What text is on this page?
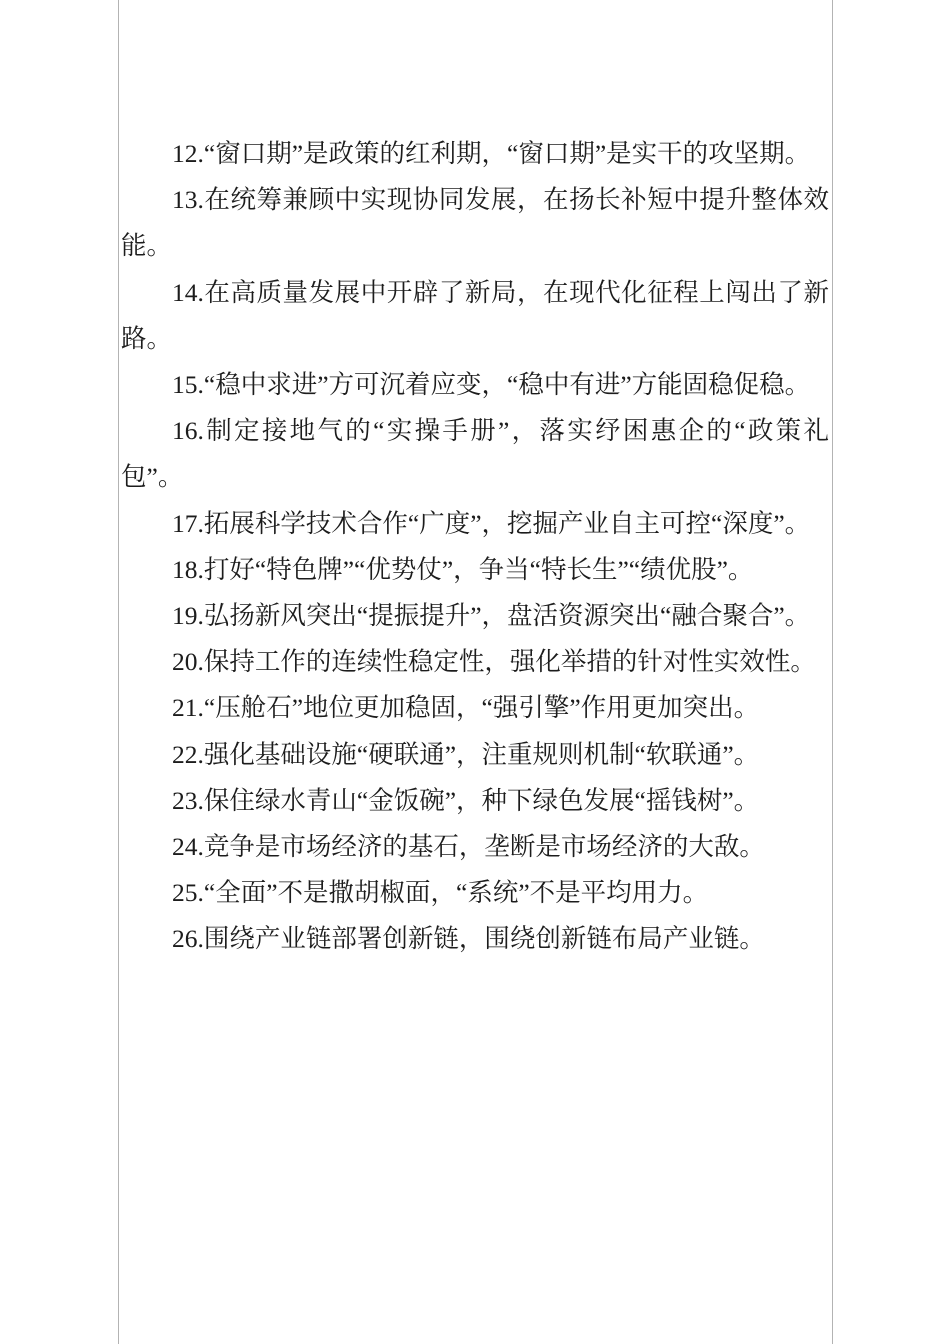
12.“窗口期”是政策的红利期，“窗口期”是实干的攻坚期。

13.在统筹兼顾中实现协同发展，在扬长补短中提升整体效能。

14.在高质量发展中开辟了新局，在现代化征程上闯出了新路。

15.“稳中求进”方可沉着应变，“稳中有进”方能固稳促稳。

16.制定接地气的“实操手册”，落实纾困惠企的“政策礼包”。

17.拓展科学技术合作“广度”，挖掘产业自主可控“深度”。

18.打好“特色牌”“优势仗”，争当“特长生”“绩优股”。

19.弘扬新风突出“提振提升”，盘活资源突出“融合聚合”。

20.保持工作的连续性稳定性，强化举措的针对性实效性。

21.“压舱石”地位更加稳固，“强引擎”作用更加突出。

22.强化基础设施“硬联通”，注重规则机制“软联通”。

23.保住绿水青山“金饭碗”，种下绿色发展“摇钱树”。

24.竞争是市场经济的基石，垄断是市场经济的大敌。

25.“全面”不是撒胡椒面，“系统”不是平均用力。

26.围绕产业链部署创新链，围绕创新链布局产业链。
